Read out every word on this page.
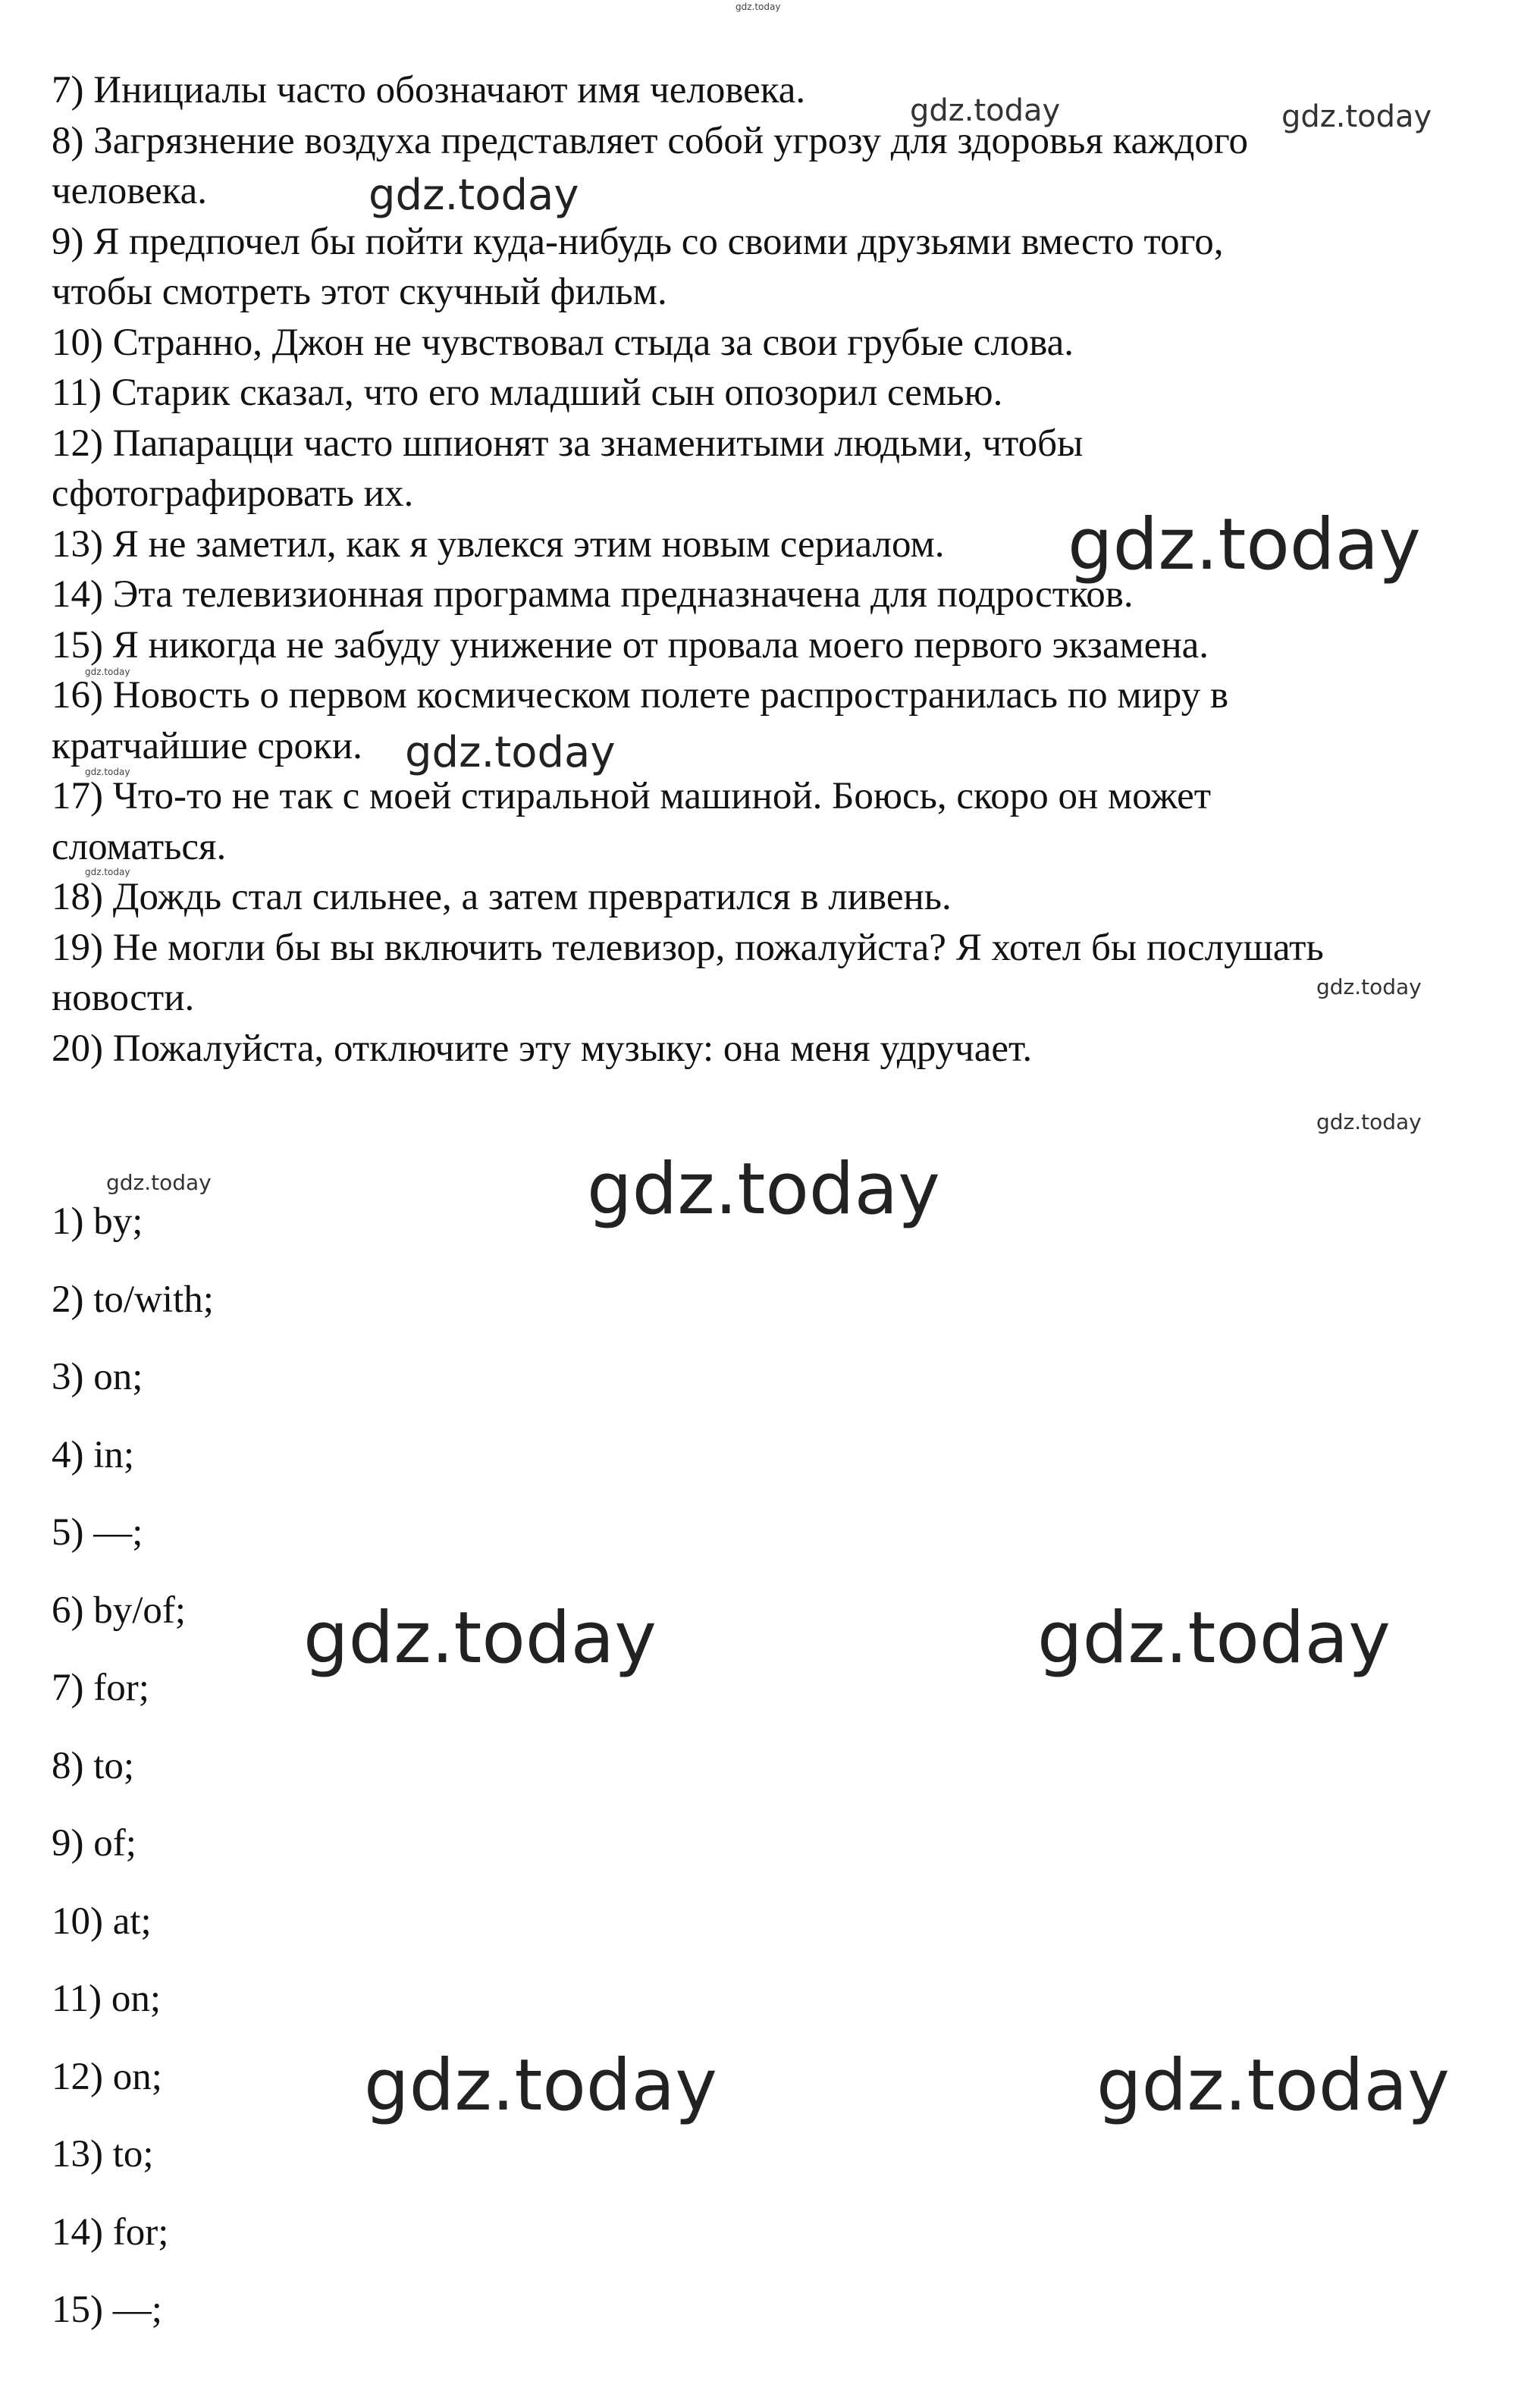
7) Инициалы часто обозначают имя человека.
8) Загрязнение воздуха представляет собой угрозу для здоровья каждого
человека.
9) Я предпочел бы пойти куда-нибудь со своими друзьями вместо того,
чтобы смотреть этот скучный фильм.
10) Странно, Джон не чувствовал стыда за свои грубые слова.
11) Старик сказал, что его младший сын опозорил семью.
12) Папарацци часто шпионят за знаменитыми людьми, чтобы
сфотографировать их.
13) Я не заметил, как я увлекся этим новым сериалом.
14) Эта телевизионная программа предназначена для подростков.
15) Я никогда не забуду унижение от провала моего первого экзамена.
16) Новость о первом космическом полете распространилась по миру в
кратчайшие сроки.
17) Что-то не так с моей стиральной машиной. Боюсь, скоро он может
сломаться.
18) Дождь стал сильнее, а затем превратился в ливень.
19) Не могли бы вы включить телевизор, пожалуйста? Я хотел бы послушать
новости.
20) Пожалуйста, отключите эту музыку: она меня удручает.
1) by;
2) to/with;
3) on;
4) in;
5) —;
6) by/of;
7) for;
8) to;
9) of;
10) at;
11) on;
12) on;
13) to;
14) for;
15) —;
gdz.today
gdz.today	gdz.today
gdz.today
gdz.today
gdz.today
gdz.today
gdz.today
gdz.today
gdz.today
gdz.today
gdz.today	gdz.today
gdz.today	gdz.today
gdz.today	gdz.today
